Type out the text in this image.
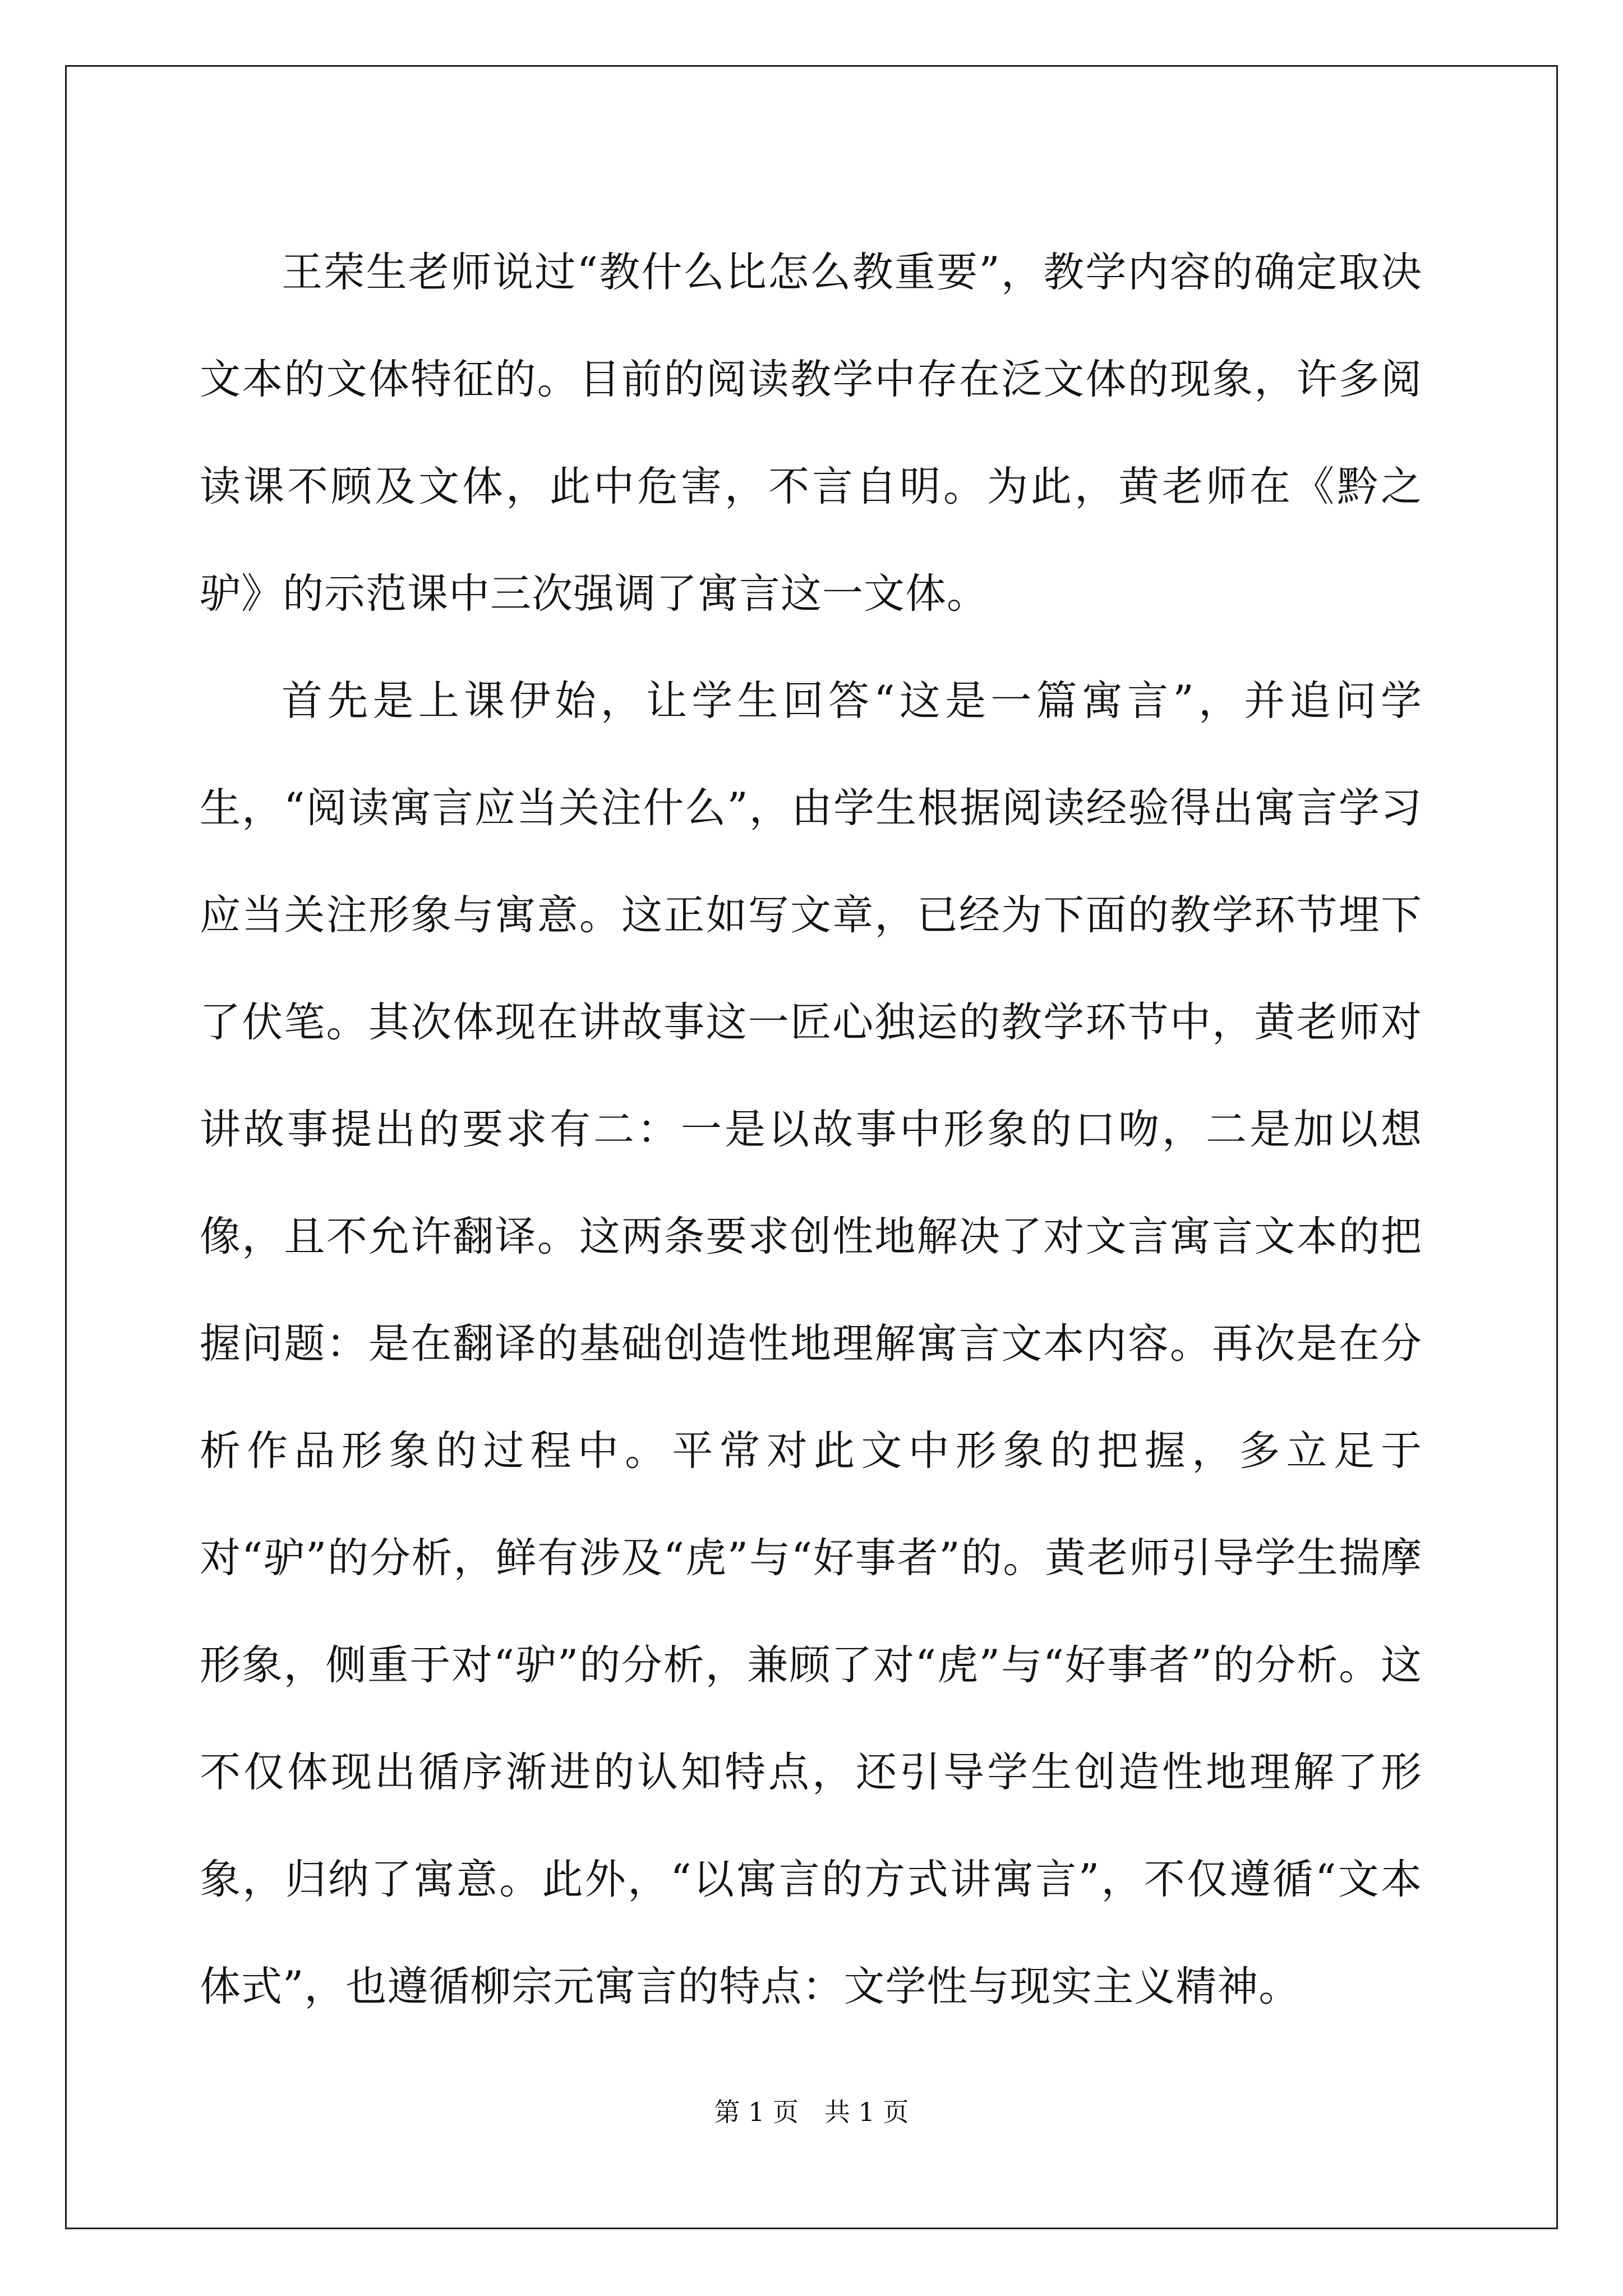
王荣生老师说过“教什么比怎么教重要”，教学内容的确定取决文本的文体特征的。目前的阅读教学中存在泛文体的现象，许多阅读课不顾及文体，此中危害，不言自明。为此，黄老师在《黔之驴》的示范课中三次强调了寓言这一文体。

首先是上课伊始，让学生回答“这是一篇寓言”，并追问学生，“阅读寓言应当关注什么”，由学生根据阅读经验得出寓言学习应当关注形象与寓意。这正如写文章，已经为下面的教学环节埋下了伏笔。其次体现在讲故事这一匠心独运的教学环节中，黄老师对讲故事提出的要求有二：一是以故事中形象的口吻，二是加以想像，且不允许翻译。这两条要求创性地解决了对文言寓言文本的把握问题：是在翻译的基础创造性地理解寓言文本内容。再次是在分析作品形象的过程中。平常对此文中形象的把握，多立足于对“驴”的分析，鲜有涉及“虎”与“好事者”的。黄老师引导学生揣摩形象，侧重于对“驴”的分析，兼顾了对“虎”与“好事者”的分析。这不仅体现出循序渐进的认知特点，还引导学生创造性地理解了形象，归纳了寓意。此外，“以寓言的方式讲寓言”，不仅遵循“文本体式”，也遵循柳宗元寓言的特点：文学性与现实主义精神。

第 1 页　共 1 页
